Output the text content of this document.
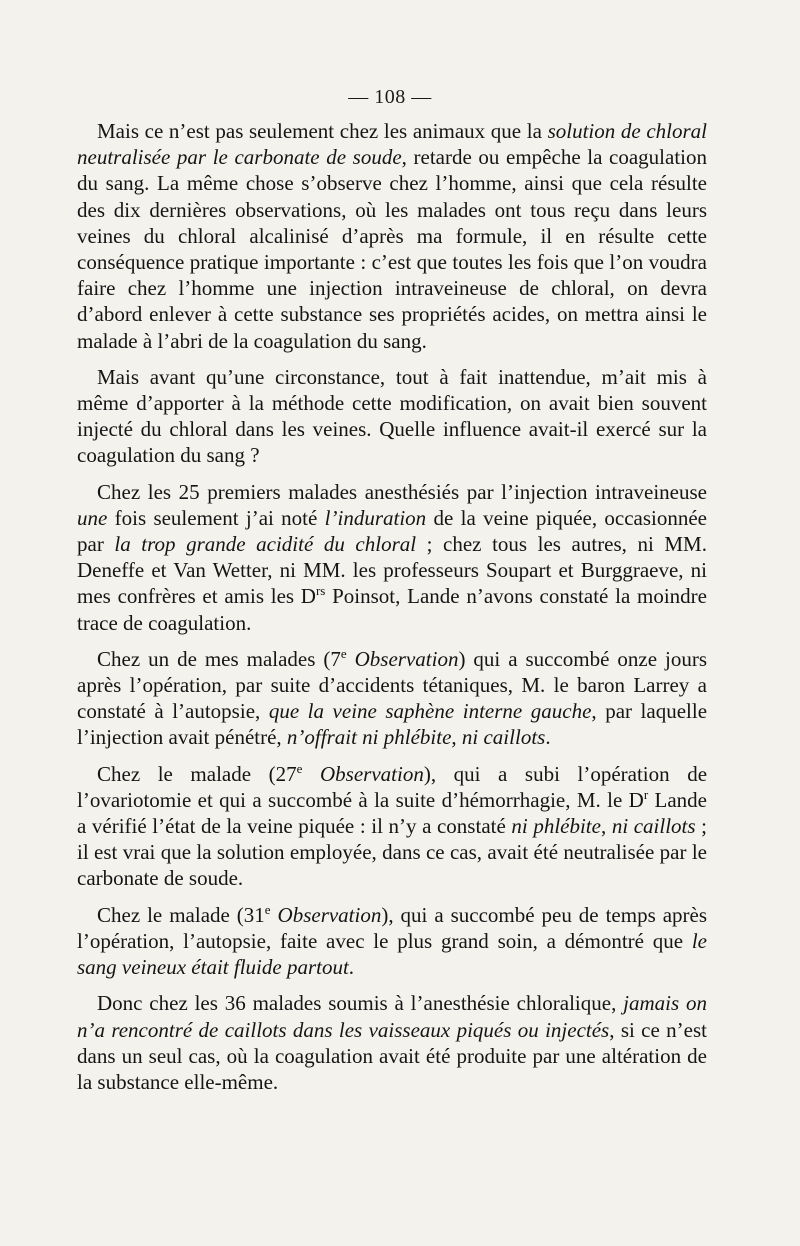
— 108 —

Mais ce n’est pas seulement chez les animaux que la solution de chloral neutralisée par le carbonate de soude, retarde ou empêche la coagulation du sang. La même chose s’observe chez l’homme, ainsi que cela résulte des dix dernières observations, où les malades ont tous reçu dans leurs veines du chloral alcalinisé d’après ma formule, il en résulte cette conséquence pratique importante : c’est que toutes les fois que l’on voudra faire chez l’homme une injection intraveineuse de chloral, on devra d’abord enlever à cette substance ses propriétés acides, on mettra ainsi le malade à l’abri de la coagulation du sang.

Mais avant qu’une circonstance, tout à fait inattendue, m’ait mis à même d’apporter à la méthode cette modification, on avait bien souvent injecté du chloral dans les veines. Quelle influence avait-il exercé sur la coagulation du sang ?

Chez les 25 premiers malades anesthésiés par l’injection intraveineuse une fois seulement j’ai noté l’induration de la veine piquée, occasionnée par la trop grande acidité du chloral ; chez tous les autres, ni MM. Deneffe et Van Wetter, ni MM. les professeurs Soupart et Burggraeve, ni mes confrères et amis les $D^{rs}$ Poinsot, Lande n’avons constaté la moindre trace de coagulation.

Chez un de mes malades (7e Observation) qui a succombé onze jours après l’opération, par suite d’accidents tétaniques, M. le baron Larrey a constaté à l’autopsie, que la veine saphène interne gauche, par laquelle l’injection avait pénétré, n’offrait ni phlébite, ni caillots.

Chez le malade (27e Observation), qui a subi l’opération de l’ovariotomie et qui a succombé à la suite d’hémorrhagie, M. le $D^r$ Lande a vérifié l’état de la veine piquée : il n’y a constaté ni phlébite, ni caillots ; il est vrai que la solution employée, dans ce cas, avait été neutralisée par le carbonate de soude.

Chez le malade (31e Observation), qui a succombé peu de temps après l’opération, l’autopsie, faite avec le plus grand soin, a démontré que le sang veineux était fluide partout.

Donc chez les 36 malades soumis à l’anesthésie chloralique, jamais on n’a rencontré de caillots dans les vaisseaux piqués ou injectés, si ce n’est dans un seul cas, où la coagulation avait été produite par une altération de la substance elle-même.
